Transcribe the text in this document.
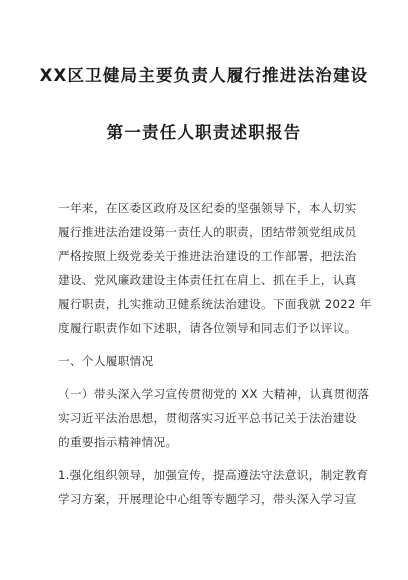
XX区卫健局主要负责人履行推进法治建设
第一责任人职责述职报告
一年来，在区委区政府及区纪委的坚强领导下，本人切实
履行推进法治建设第一责任人的职责，团结带领党组成员
严格按照上级党委关于推进法治建设的工作部署，把法治
建设、党风廉政建设主体责任扛在肩上、抓在手上，认真
履行职责，扎实推动卫健系统法治建设。下面我就 2022 年
度履行职责作如下述职，请各位领导和同志们予以评议。
一、个人履职情况
（一）带头深入学习宣传贯彻党的 XX 大精神，认真贯彻落
实习近平法治思想，贯彻落实习近平总书记关于法治建设
的重要指示精神情况。
1.强化组织领导，加强宣传，提高遵法守法意识，制定教育
学习方案，开展理论中心组等专题学习，带头深入学习宣
